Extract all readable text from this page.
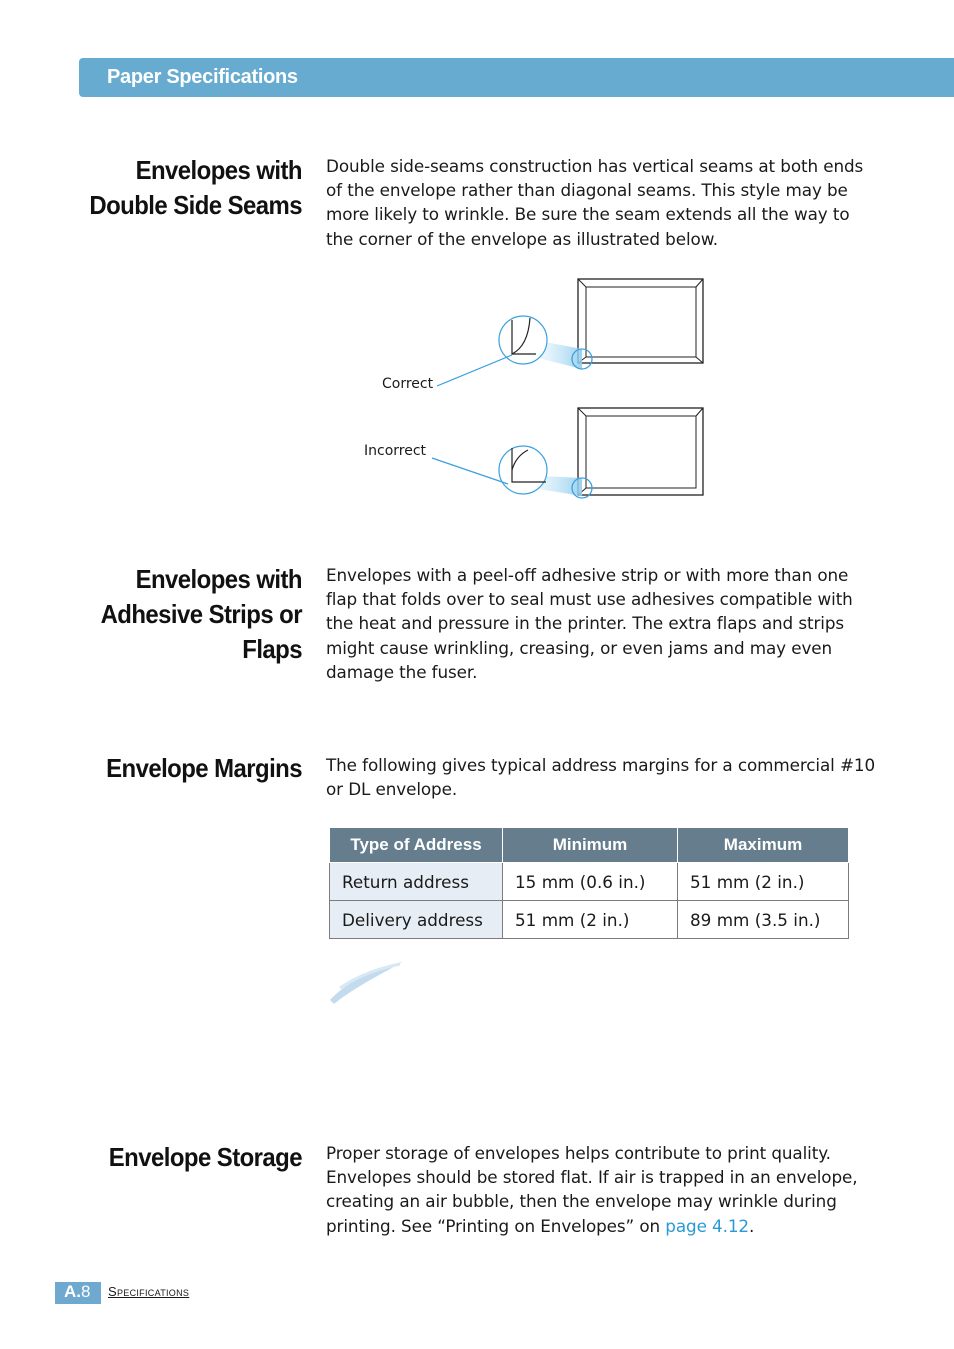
Paper Specifications
Envelopes with
Double Side Seams
Double side-seams construction has vertical seams at both ends of the envelope rather than diagonal seams. This style may be more likely to wrinkle. Be sure the seam extends all the way to the corner of the envelope as illustrated below.
Correct
Incorrect
Envelopes with
Adhesive Strips or
Flaps
Envelopes with a peel-off adhesive strip or with more than one flap that folds over to seal must use adhesives compatible with the heat and pressure in the printer. The extra flaps and strips might cause wrinkling, creasing, or even jams and may even damage the fuser.
Envelope Margins The following gives typical address margins for a commercial #10 or DL envelope.
Type of Address	Minimum	Maximum
Return address	15 mm (0.6 in.)	51 mm (2 in.)
Delivery address	51 mm (2 in.)	89 mm (3.5 in.)
Envelope Storage Proper storage of envelopes helps contribute to print quality. Envelopes should be stored flat. If air is trapped in an envelope, creating an air bubble, then the envelope may wrinkle during printing. See “Printing on Envelopes” on page 4.12.
A.8 Specifications
